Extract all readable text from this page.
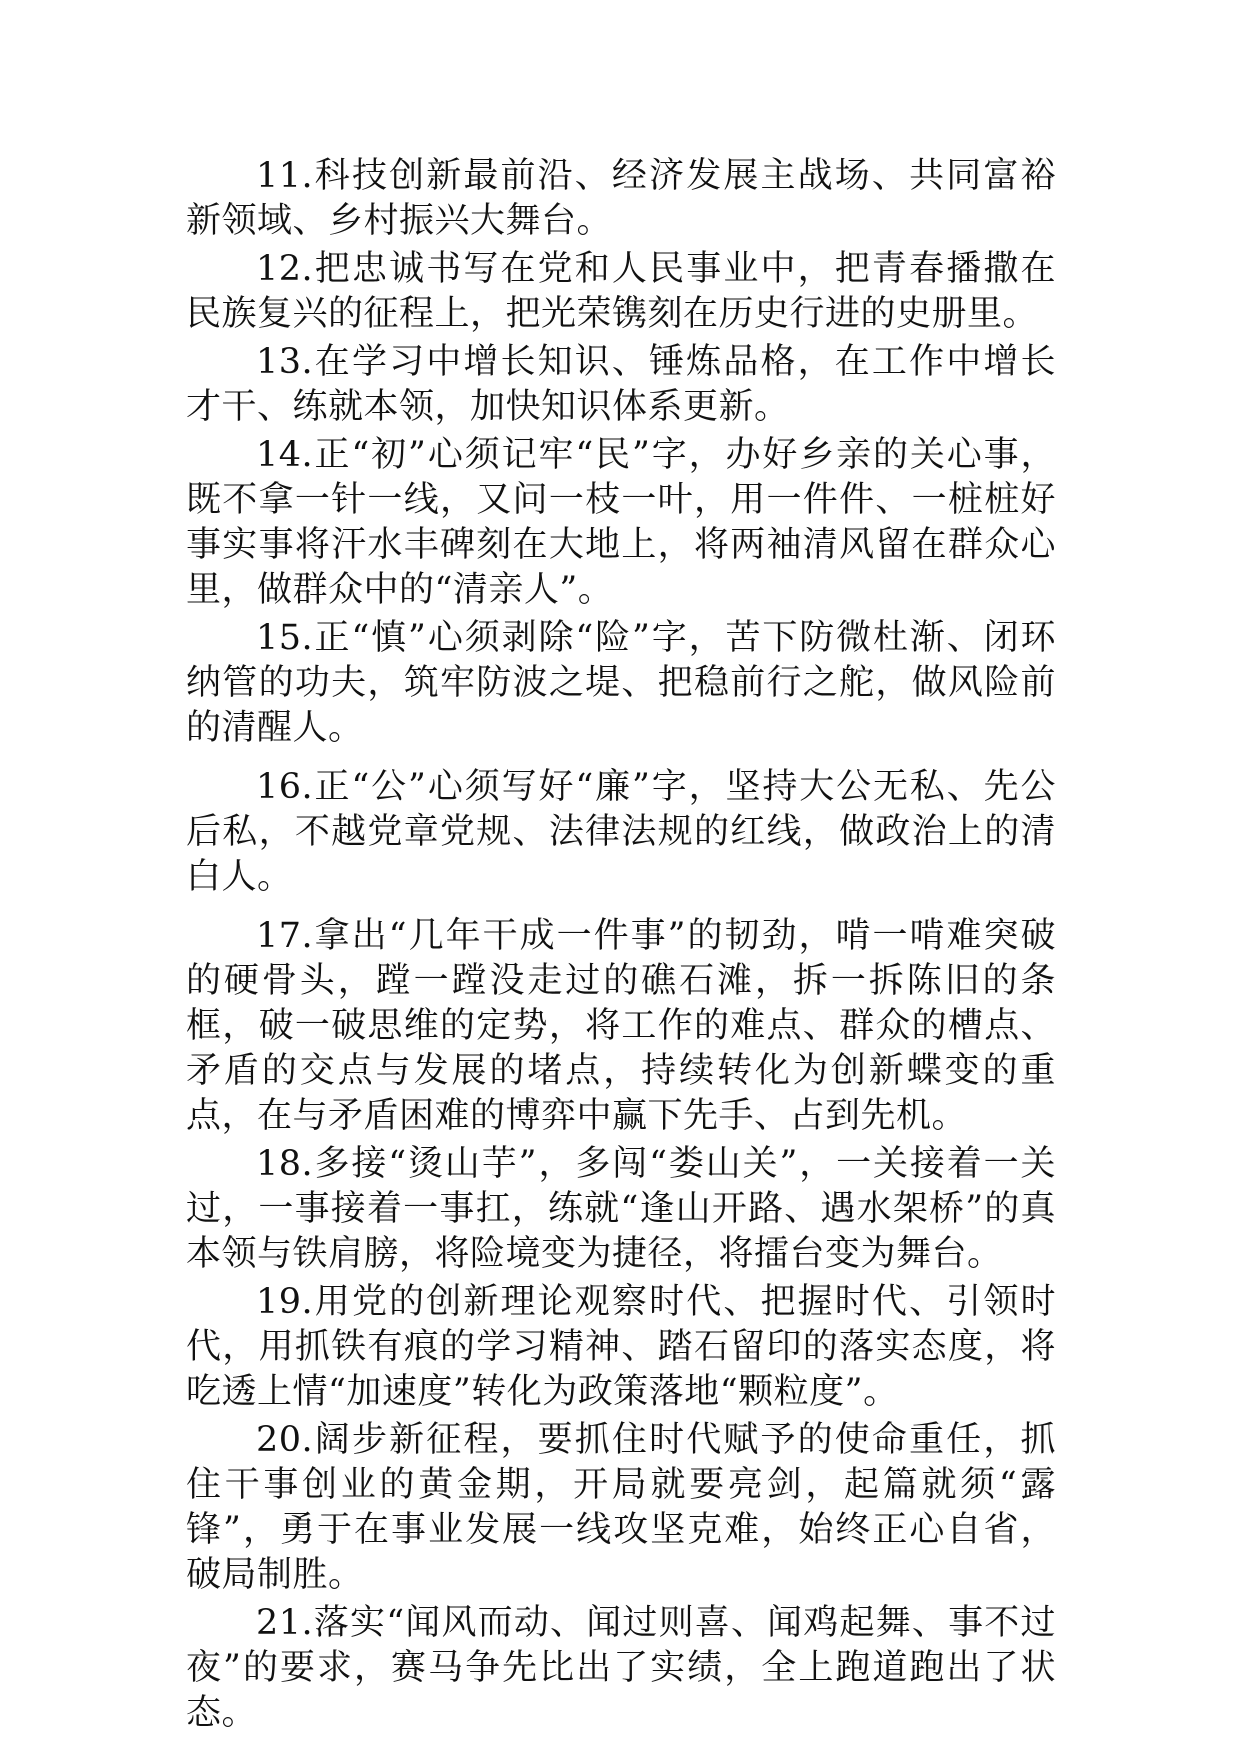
11.科技创新最前沿、经济发展主战场、共同富裕新领域、乡村振兴大舞台。

12.把忠诚书写在党和人民事业中，把青春播撒在民族复兴的征程上，把光荣镌刻在历史行进的史册里。

13.在学习中增长知识、锤炼品格，在工作中增长才干、练就本领，加快知识体系更新。

14.正“初”心须记牢“民”字，办好乡亲的关心事，既不拿一针一线，又问一枝一叶，用一件件、一桩桩好事实事将汗水丰碑刻在大地上，将两袖清风留在群众心里，做群众中的“清亲人”。

15.正“慎”心须剥除“险”字，苦下防微杜渐、闭环纳管的功夫，筑牢防波之堤、把稳前行之舵，做风险前的清醒人。

16.正“公”心须写好“廉”字，坚持大公无私、先公后私，不越党章党规、法律法规的红线，做政治上的清白人。

17.拿出“几年干成一件事”的韧劲，啃一啃难突破的硬骨头，蹚一蹚没走过的礁石滩，拆一拆陈旧的条框，破一破思维的定势，将工作的难点、群众的槽点、矛盾的交点与发展的堵点，持续转化为创新蝶变的重点，在与矛盾困难的博弈中赢下先手、占到先机。

18.多接“烫山芋”，多闯“娄山关”，一关接着一关过，一事接着一事扛，练就“逢山开路、遇水架桥”的真本领与铁肩膀，将险境变为捷径，将擂台变为舞台。

19.用党的创新理论观察时代、把握时代、引领时代，用抓铁有痕的学习精神、踏石留印的落实态度，将吃透上情“加速度”转化为政策落地“颗粒度”。

20.阔步新征程，要抓住时代赋予的使命重任，抓住干事创业的黄金期，开局就要亮剑，起篇就须“露锋”，勇于在事业发展一线攻坚克难，始终正心自省，破局制胜。

21.落实“闻风而动、闻过则喜、闻鸡起舞、事不过夜”的要求，赛马争先比出了实绩，全上跑道跑出了状态。
